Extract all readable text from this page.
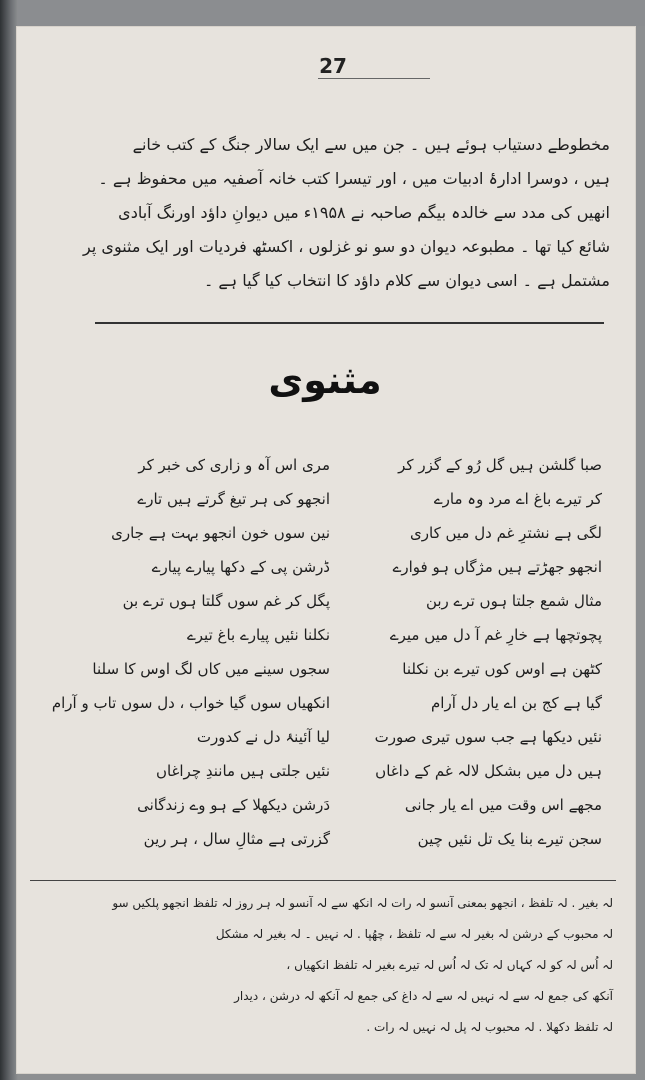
27
مخطوطے دستیاب ہوئے ہیں ۔ جن میں سے ایک سالار جنگ کے کتب خانے
ہیں ، دوسرا ادارۂ ادبیات میں ، اور تیسرا کتب خانہ آصفیہ میں محفوظ ہے ۔
انھیں کی مدد سے خالدہ بیگم صاحبہ نے ۱۹۵۸ء میں دیوانِ داؤد اورنگ آبادی
شائع کیا تھا ۔ مطبوعہ دیوان دو سو نو غزلوں ، اکسٹھ فردیات اور ایک مثنوی پر
مشتمل ہے ۔ اسی دیوان سے کلام داؤد کا انتخاب کیا گیا ہے ۔
مثنوی
صبا گلشن ہیں گل رُو کے گزر کر
کر تیرے باغ اے مرد وہ مارے
لگی ہے نشترِ غم دل میں کاری
انجھو جھڑتے ہیں مژگاں ہو فوارے
مثال شمع جلتا ہوں ترے ربن
پچوتچھا ہے خارِ غم آ دل میں میرے
کٹھن ہے اوس کوں تیرے بن نکلنا
گیا ہے کج بن اے یار دل آرام
نئیں دیکھا ہے جب سوں تیری صورت
ہیں دل میں بشکل لالہ غم کے داغاں
مجھے اس وقت میں اے یار جانی
سجن تیرے بنا یک تل نئیں چین
مری اس آہ و زاری کی خبر کر
انجھو کی ہر تیغ گرتے ہیں تارے
نین سوں خون انجھو بہت ہے جاری
ڈرشن پی کے دکھا پیارے پیارے
پگل کر غم سوں گلتا ہوں ترے بن
نکلنا نئیں پیارے باغ تیرے
سجوں سینے میں کاں لگ اوس کا سلنا
انکھیاں سوں گیا خواب ، دل سوں تاب و آرام
لیا آئینۂ دل نے کدورت
نئیں جلتی ہیں مانندِ چراغاں
دَرشن دیکھلا کے ہو وے زندگانی
گزرتی ہے مثالِ سال ، ہر رین
لہ بغیر . لہ تلفظ ، انجھو بمعنی آنسو لہ رات لہ انکھ سے لہ آنسو لہ ہر روز لہ تلفظ انجھو پلکیں سو
لہ محبوب کے درشن لہ بغیر لہ سے لہ تلفظ ، چھُپا . لہ نہیں ۔ لہ بغیر لہ مشکل
لہ اُس لہ کو لہ کہاں لہ تک لہ اُس لہ تیرے بغیر لہ تلفظ انکھیاں ،
آنکھ کی جمع لہ سے لہ نہیں لہ سے لہ داغ کی جمع لہ آنکھ لہ درشن ، دیدار
لہ تلفظ دکھلا . لہ محبوب لہ پل لہ نہیں لہ رات .
